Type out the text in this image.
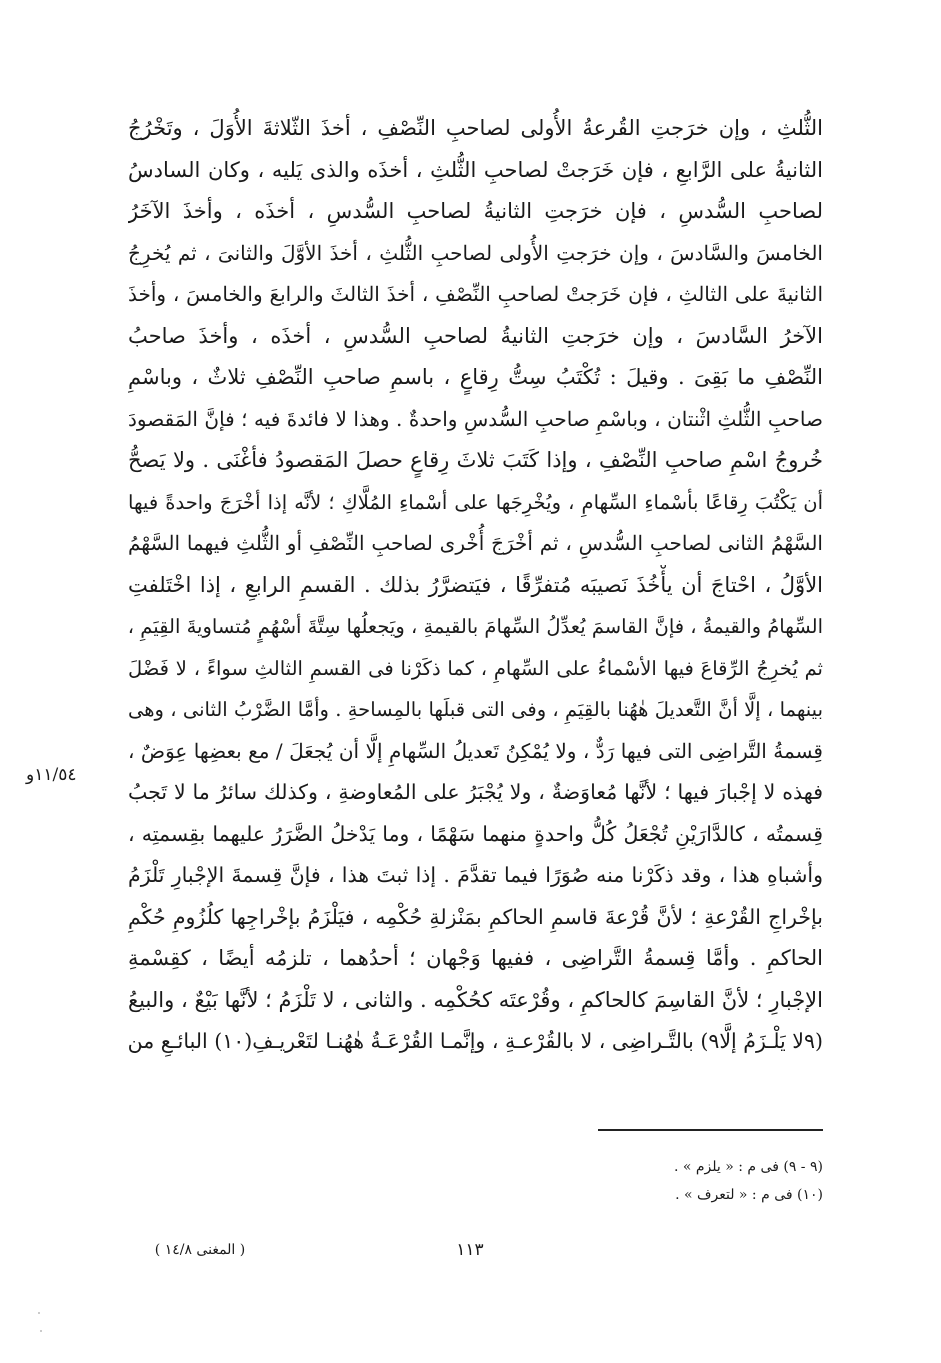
الثُّلثِ ، وإن خرَجتِ القُرعةُ الأُولى لصاحبِ النِّصْفِ ، أخذَ الثّلاثةَ الأُوَلَ ، وتَخْرُجُ
الثانيةُ على الرَّابعِ ، فإن خَرَجتْ لصاحبِ الثُّلثِ ، أخذَه والذى يَليه ، وكان السادسُ
لصاحبِ السُّدسِ ، فإن خرَجتِ الثانيةُ لصاحبِ السُّدسِ ، أخذَه ، وأخذَ الآخَرُ
الخامسَ والسَّادسَ ، وإن خرَجتِ الأُولى لصاحبِ الثُّلثِ ، أخذَ الأوَّلَ والثانىَ ، ثم يُخرِجُ
الثانيةَ على الثالثِ ، فإن خَرَجتْ لصاحبِ النِّصْفِ ، أخذَ الثالثَ والرابعَ والخامسَ ، وأخذَ
الآخرُ السَّادسَ ، وإن خرَجتِ الثانيةُ لصاحبِ السُّدسِ ، أخذَه ، وأخذَ صاحبُ
النِّصْفِ ما بَقِىَ . وقيلَ : تُكْتَبُ سِتُّ رِقاعٍ ، باسمِ صاحبِ النِّصْفِ ثلاثٌ ، وباسْمِ
صاحبِ الثُّلثِ اثْنتان ، وباسْمِ صاحبِ السُّدسِ واحدةٌ . وهذا لا فائدةَ فيه ؛ فإنَّ المَقصودَ
خُروجُ اسْمِ صاحبِ النِّصْفِ ، وإذا كَتَبَ ثلاثَ رِقاعٍ حصلَ المَقصودُ فأغْنَى . ولا يَصحُّ
أن يَكْتُبَ رِقاعًا بأسْماءِ السِّهامِ ، ويُخْرِجَها على أسْماءِ المُلَّاكِ ؛ لأنَّه إذا أخْرَجَ واحدةً فيها
السَّهْمُ الثانى لصاحبِ السُّدسِ ، ثم أخْرَجَ أُخْرى لصاحبِ النِّصْفِ أو الثُّلثِ فيهما السَّهْمُ
الأوَّلُ ، احْتاجَ أن يأْخُذَ نَصيبَه مُتفرِّقًا ، فيَتضرَّرُ بذلك . القسمِ الرابعِ ، إذا اخْتَلفتِ
السِّهامُ والقيمةُ ، فإنَّ القاسمَ يُعدِّلُ السِّهامَ بالقيمةِ ، ويَجعلُها سِتَّةَ أسْهُمٍ مُتساويةَ القِيَمِ ،
ثم يُخرِجُ الرِّقاعَ فيها الأسْماءُ على السِّهامِ ، كما ذكَرْنا فى القسمِ الثالثِ سواءً ، لا فَضْلَ
بينهما ، إلَّا أنَّ التَّعديلَ هٰهُنا بالقِيَمِ ، وفى التى قبلَها بالمِساحةِ . وأمَّا الضَّرْبُ الثانى ، وهى
قِسمةُ التَّراضِى التى فيها رَدٌّ ، ولا يُمْكِنُ تَعديلُ السِّهامِ إلَّا أن يُجعَلَ / مع بعضِها عِوَضٌ ،
فهذه لا إجْبارَ فيها ؛ لأنَّها مُعاوَضةٌ ، ولا يُجْبَرُ على المُعاوضةِ ، وكذلك سائرُ ما لا تَجبُ
قِسمتُه ، كالدَّارَيْنِ تُجْعَلُ كُلُّ واحدةٍ منهما سَهْمًا ، وما يَدْخلُ الضَّرَرُ عليهما بقِسمتِه ،
وأشباهِ هذا ، وقد ذكَرْنا منه صُوَرًا فيما تقدَّمَ . إذا ثبتَ هذا ، فإنَّ قِسمةَ الإجْبارِ تَلْزَمُ
بإخْراجِ القُرْعةِ ؛ لأنَّ قُرْعةَ قاسمِ الحاكمِ بمَنْزلةِ حُكْمِه ، فيَلْزَمُ بإخْراجِها كلُزُومِ حُكْمِ
الحاكمِ . وأمَّا قِسمةُ التَّراضِى ، ففيها وَجْهان ؛ أحدُهما ، تلزمُه أيضًا ، كقِسْمةِ
الإجْبارِ ؛ لأنَّ القاسِمَ كالحاكمِ ، وقُرْعتَه كحُكْمِه . والثانى ، لا تَلْزَمُ ؛ لأنَّها بَيْعٌ ، والبيعُ
(٩لا يَلْـزَمُ إلَّا٩) بالتَّـراضِى ، لا بالقُرْعـةِ ، وإنَّمـا القُرْعَـةُ هٰهُنـا لتَعْريـفِ(١٠) البائـعِ من
١١/٥٤و
(٩ - ٩) فى م : « يلزم » .
(١٠) فى م : « لتعرف » .
١١٣
( المغنى ١٤/٨ )
